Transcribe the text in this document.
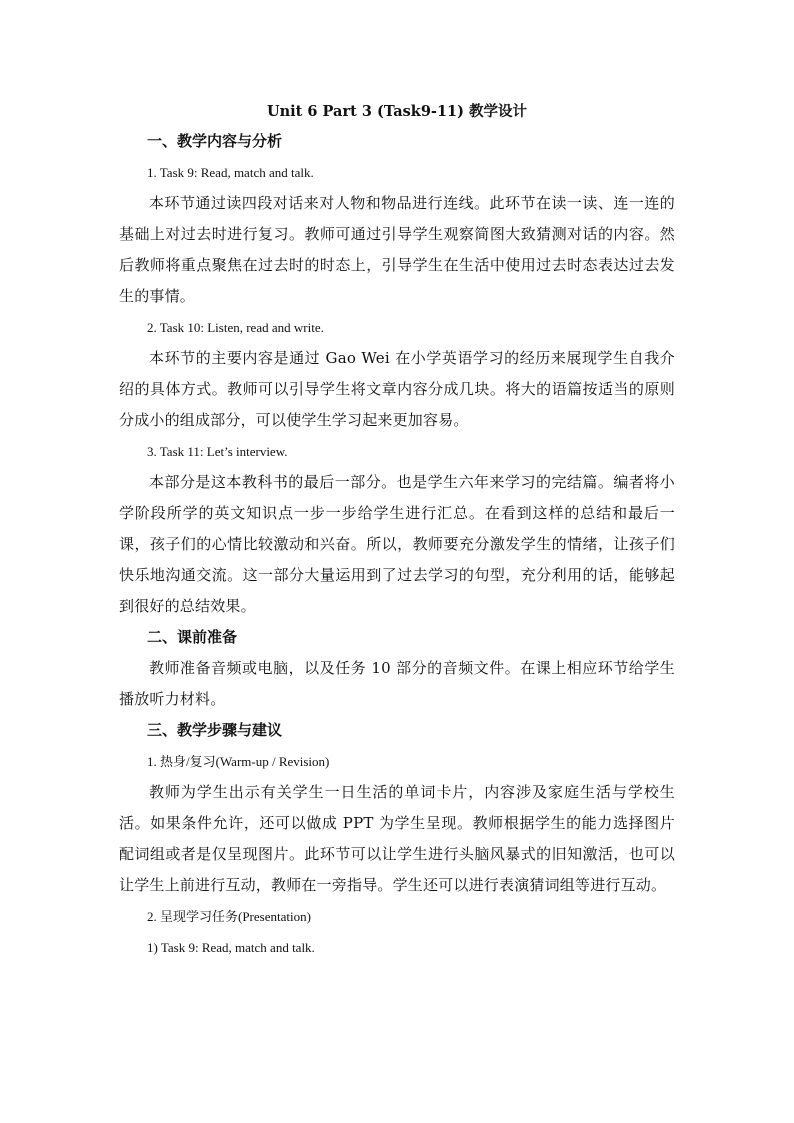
Unit 6 Part 3 (Task9-11) 教学设计

一、教学内容与分析

1. Task 9: Read, match and talk.

本环节通过读四段对话来对人物和物品进行连线。此环节在读一读、连一连的基础上对过去时进行复习。教师可通过引导学生观察简图大致猜测对话的内容。然后教师将重点聚焦在过去时的时态上，引导学生在生活中使用过去时态表达过去发生的事情。

2. Task 10: Listen, read and write.

本环节的主要内容是通过 Gao Wei 在小学英语学习的经历来展现学生自我介绍的具体方式。教师可以引导学生将文章内容分成几块。将大的语篇按适当的原则分成小的组成部分，可以使学生学习起来更加容易。

3. Task 11: Let’s interview.

本部分是这本教科书的最后一部分。也是学生六年来学习的完结篇。编者将小学阶段所学的英文知识点一步一步给学生进行汇总。在看到这样的总结和最后一课，孩子们的心情比较激动和兴奋。所以，教师要充分激发学生的情绪，让孩子们快乐地沟通交流。这一部分大量运用到了过去学习的句型，充分利用的话，能够起到很好的总结效果。

二、课前准备

教师准备音频或电脑，以及任务 10 部分的音频文件。在课上相应环节给学生播放听力材料。

三、教学步骤与建议

1. 热身/复习(Warm-up / Revision)

教师为学生出示有关学生一日生活的单词卡片，内容涉及家庭生活与学校生活。如果条件允许，还可以做成 PPT 为学生呈现。教师根据学生的能力选择图片配词组或者是仅呈现图片。此环节可以让学生进行头脑风暴式的旧知激活，也可以让学生上前进行互动，教师在一旁指导。学生还可以进行表演猜词组等进行互动。

2. 呈现学习任务(Presentation)

1) Task 9: Read, match and talk.
